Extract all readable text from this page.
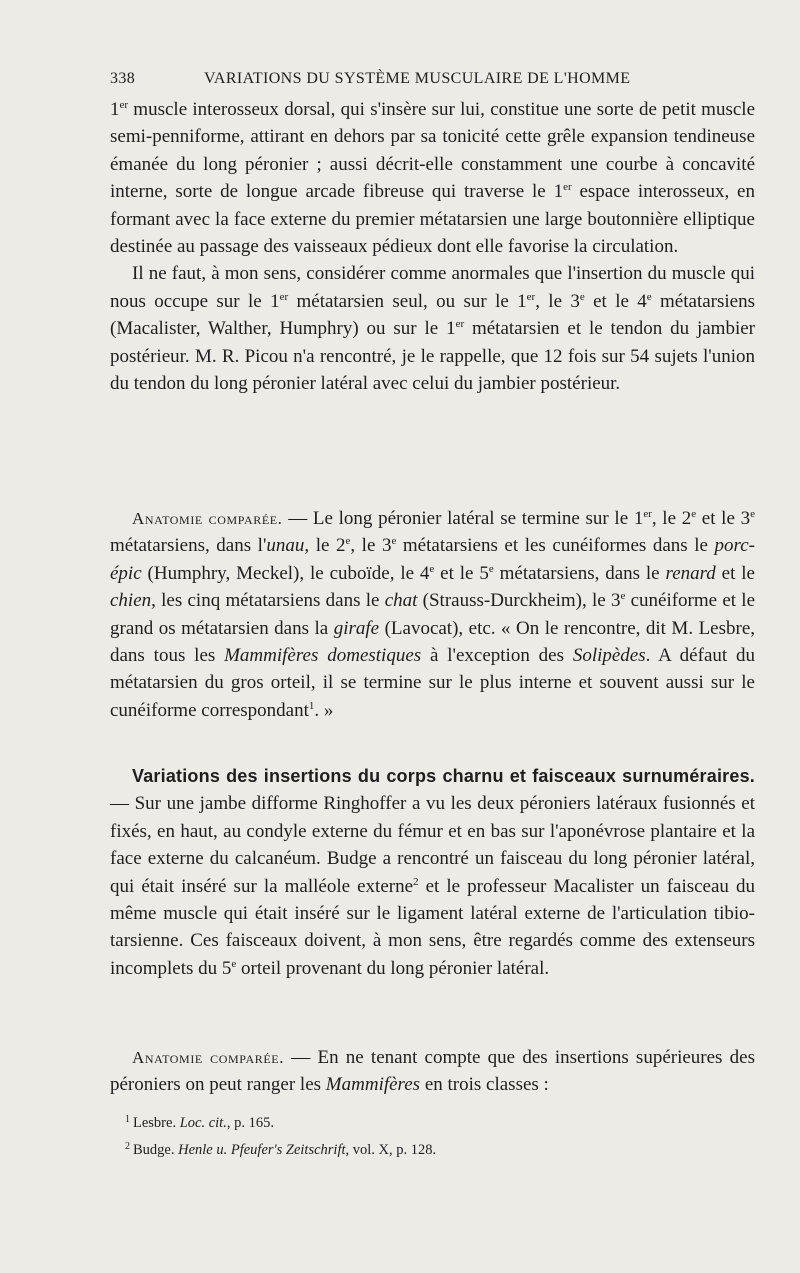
338	VARIATIONS DU SYSTÈME MUSCULAIRE DE L'HOMME

1er muscle interosseux dorsal, qui s'insère sur lui, constitue une sorte de petit muscle semi-penniforme, attirant en dehors par sa tonicité cette grêle expansion tendineuse émanée du long péronier ; aussi décrit-elle constamment une courbe à concavité interne, sorte de longue arcade fibreuse qui traverse le 1er espace interosseux, en formant avec la face externe du premier métatarsien une large boutonnière elliptique destinée au passage des vaisseaux pédieux dont elle favorise la circulation.

Il ne faut, à mon sens, considérer comme anormales que l'insertion du muscle qui nous occupe sur le 1er métatarsien seul, ou sur le 1er, le 3e et le 4e métatarsiens (Macalister, Walther, Humphry) ou sur le 1er métatarsien et le tendon du jambier postérieur. M. R. Picou n'a rencontré, je le rappelle, que 12 fois sur 54 sujets l'union du tendon du long péronier latéral avec celui du jambier postérieur.

Anatomie comparée. — Le long péronier latéral se termine sur le 1er, le 2e et le 3e métatarsiens, dans l'unau, le 2e, le 3e métatarsiens et les cunéiformes dans le porc-épic (Humphry, Meckel), le cuboïde, le 4e et le 5e métatarsiens, dans le renard et le chien, les cinq métatarsiens dans le chat (Strauss-Durckheim), le 3e cunéiforme et le grand os métatarsien dans la girafe (Lavocat), etc. « On le rencontre, dit M. Lesbre, dans tous les Mammifères domestiques à l'exception des Solipèdes. A défaut du métatarsien du gros orteil, il se termine sur le plus interne et souvent aussi sur le cunéiforme correspondant$^1$. »

Variations des insertions du corps charnu et faisceaux surnuméraires. — Sur une jambe difforme Ringhoffer a vu les deux péroniers latéraux fusionnés et fixés, en haut, au condyle externe du fémur et en bas sur l'aponévrose plantaire et la face externe du calcanéum. Budge a rencontré un faisceau du long péronier latéral, qui était inséré sur la malléole externe$^2$ et le professeur Macalister un faisceau du même muscle qui était inséré sur le ligament latéral externe de l'articulation tibio-tarsienne. Ces faisceaux doivent, à mon sens, être regardés comme des extenseurs incomplets du 5e orteil provenant du long péronier latéral.

Anatomie comparée. — En ne tenant compte que des insertions supérieures des péroniers on peut ranger les Mammifères en trois classes :

$^1$ Lesbre. Loc. cit., p. 165.

$^2$ Budge. Henle u. Pfeufer's Zeitschrift, vol. X, p. 128.
